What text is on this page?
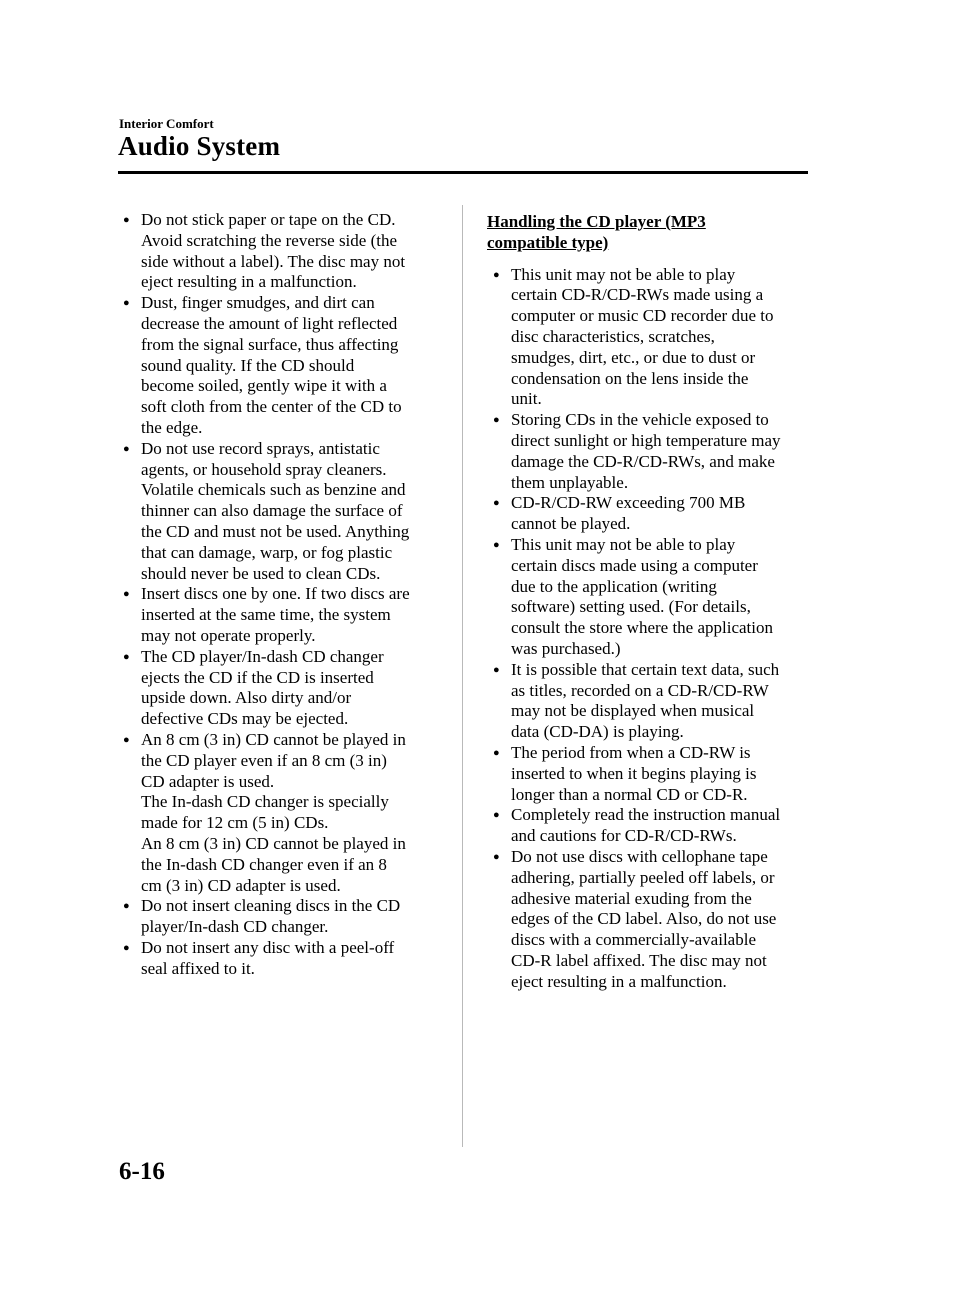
Interior Comfort
Audio System
● Do not stick paper or tape on the CD.
Avoid scratching the reverse side (the
side without a label). The disc may not
eject resulting in a malfunction.
● Dust, finger smudges, and dirt can
decrease the amount of light reflected
from the signal surface, thus affecting
sound quality. If the CD should
become soiled, gently wipe it with a
soft cloth from the center of the CD to
the edge.
● Do not use record sprays, antistatic
agents, or household spray cleaners.
Volatile chemicals such as benzine and
thinner can also damage the surface of
the CD and must not be used. Anything
that can damage, warp, or fog plastic
should never be used to clean CDs.
● Insert discs one by one. If two discs are
inserted at the same time, the system
may not operate properly.
● The CD player/In-dash CD changer
ejects the CD if the CD is inserted
upside down. Also dirty and/or
defective CDs may be ejected.
● An 8 cm (3 in) CD cannot be played in
the CD player even if an 8 cm (3 in)
CD adapter is used.
The In-dash CD changer is specially
made for 12 cm (5 in) CDs.
An 8 cm (3 in) CD cannot be played in
the In-dash CD changer even if an 8
cm (3 in) CD adapter is used.
● Do not insert cleaning discs in the CD
player/In-dash CD changer.
● Do not insert any disc with a peel-off
seal affixed to it.
Handling the CD player (MP3
compatible type)
● This unit may not be able to play
certain CD-R/CD-RWs made using a
computer or music CD recorder due to
disc characteristics, scratches,
smudges, dirt, etc., or due to dust or
condensation on the lens inside the
unit.
● Storing CDs in the vehicle exposed to
direct sunlight or high temperature may
damage the CD-R/CD-RWs, and make
them unplayable.
● CD-R/CD-RW exceeding 700 MB
cannot be played.
● This unit may not be able to play
certain discs made using a computer
due to the application (writing
software) setting used. (For details,
consult the store where the application
was purchased.)
● It is possible that certain text data, such
as titles, recorded on a CD-R/CD-RW
may not be displayed when musical
data (CD-DA) is playing.
● The period from when a CD-RW is
inserted to when it begins playing is
longer than a normal CD or CD-R.
● Completely read the instruction manual
and cautions for CD-R/CD-RWs.
● Do not use discs with cellophane tape
adhering, partially peeled off labels, or
adhesive material exuding from the
edges of the CD label. Also, do not use
discs with a commercially-available
CD-R label affixed. The disc may not
eject resulting in a malfunction.
6-16
